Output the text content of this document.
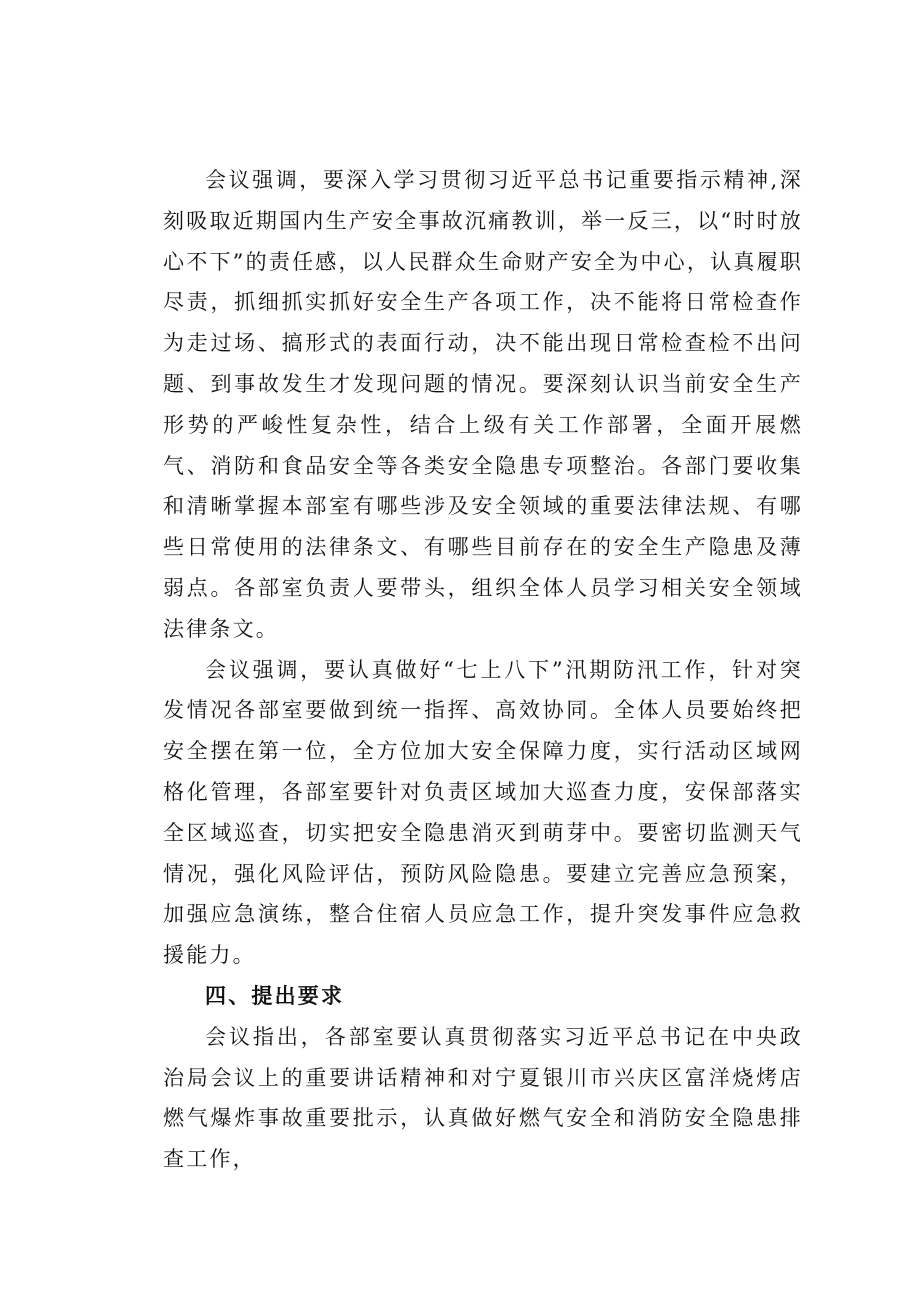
会议强调，要深入学习贯彻习近平总书记重要指示精神,深刻吸取近期国内生产安全事故沉痛教训，举一反三，以“时时放心不下”的责任感，以人民群众生命财产安全为中心，认真履职尽责，抓细抓实抓好安全生产各项工作，决不能将日常检查作为走过场、搞形式的表面行动，决不能出现日常检查检不出问题、到事故发生才发现问题的情况。要深刻认识当前安全生产形势的严峻性复杂性，结合上级有关工作部署，全面开展燃气、消防和食品安全等各类安全隐患专项整治。各部门要收集和清晰掌握本部室有哪些涉及安全领域的重要法律法规、有哪些日常使用的法律条文、有哪些目前存在的安全生产隐患及薄弱点。各部室负责人要带头，组织全体人员学习相关安全领域法律条文。

会议强调，要认真做好“七上八下”汛期防汛工作，针对突发情况各部室要做到统一指挥、高效协同。全体人员要始终把安全摆在第一位，全方位加大安全保障力度，实行活动区域网格化管理，各部室要针对负责区域加大巡查力度，安保部落实全区域巡查，切实把安全隐患消灭到萌芽中。要密切监测天气情况，强化风险评估，预防风险隐患。要建立完善应急预案，加强应急演练，整合住宿人员应急工作，提升突发事件应急救援能力。

四、提出要求

会议指出，各部室要认真贯彻落实习近平总书记在中央政治局会议上的重要讲话精神和对宁夏银川市兴庆区富洋烧烤店燃气爆炸事故重要批示，认真做好燃气安全和消防安全隐患排查工作，
